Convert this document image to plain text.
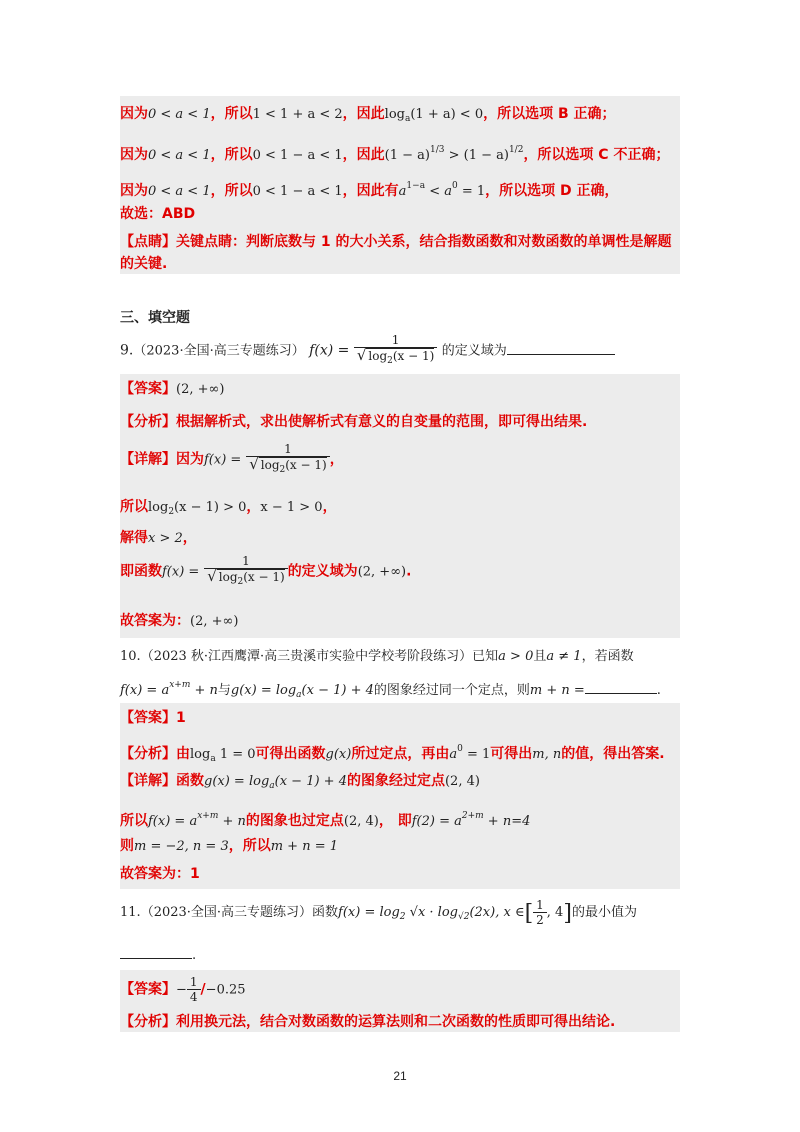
因为0 < a < 1，所以1 < 1 + a < 2，因此$\log_a(1 + a) < 0$，所以选项 B 正确；
因为0 < a < 1，所以0 < 1 − a < 1，因此$(1 - a)^{1/3} > (1 - a)^{1/2}$，所以选项 C 不正确；
因为0 < a < 1，所以0 < 1 − a < 1，因此有$a^{1-a} < a^0 = 1$，所以选项 D 正确，
故选：ABD
【点睛】关键点睛：判断底数与 1 的大小关系，结合指数函数和对数函数的单调性是解题
的关键.
三、填空题
9.（2023·全国·高三专题练习） $f(x) = \frac{1}{√ \log_2(x - 1)}$ 的定义域为
【答案】(2, +∞)
【分析】根据解析式，求出使解析式有意义的自变量的范围，即可得出结果.
【详解】因为$f(x) = \frac{1}{√ \log_2(x - 1)}$ ，
所以$\log_2(x - 1) > 0$，x − 1 > 0，
解得x > 2，
即函数$f(x) = \frac{1}{√ \log_2(x - 1)}$ 的定义域为(2, +∞).
故答案为：(2, +∞)
10.（2023 秋·江西鹰潭·高三贵溪市实验中学校考阶段练习）已知a > 0且a ≠ 1，若函数
$f(x) = a^{x+m} + n$与$g(x) = \log_a(x - 1) + 4$的图象经过同一个定点，则m + n =	.
【答案】1
【分析】由$\log_a 1 = 0$可得出函数g(x)所过定点，再由$a^0 = 1$可得出m, n的值，得出答案.
【详解】函数$g(x) = \log_a(x - 1) + 4$的图象经过定点(2, 4)
所以$f(x) = a^{x+m} + n$的图象也过定点(2, 4)， 即$f(2) = a^{2+m} + n=4$
则m = −2, n = 3，所以m + n = 1
故答案为：1
11.（2023·全国·高三专题练习）函数$f(x) = \log_2 √x \cdot \log_{√2}(2x)$, x ∈[ $\frac{1}{2}$ , 4]的最小值为
.
【答案】− $\frac{1}{4} /-0.25$
【分析】利用换元法，结合对数函数的运算法则和二次函数的性质即可得出结论.
21
